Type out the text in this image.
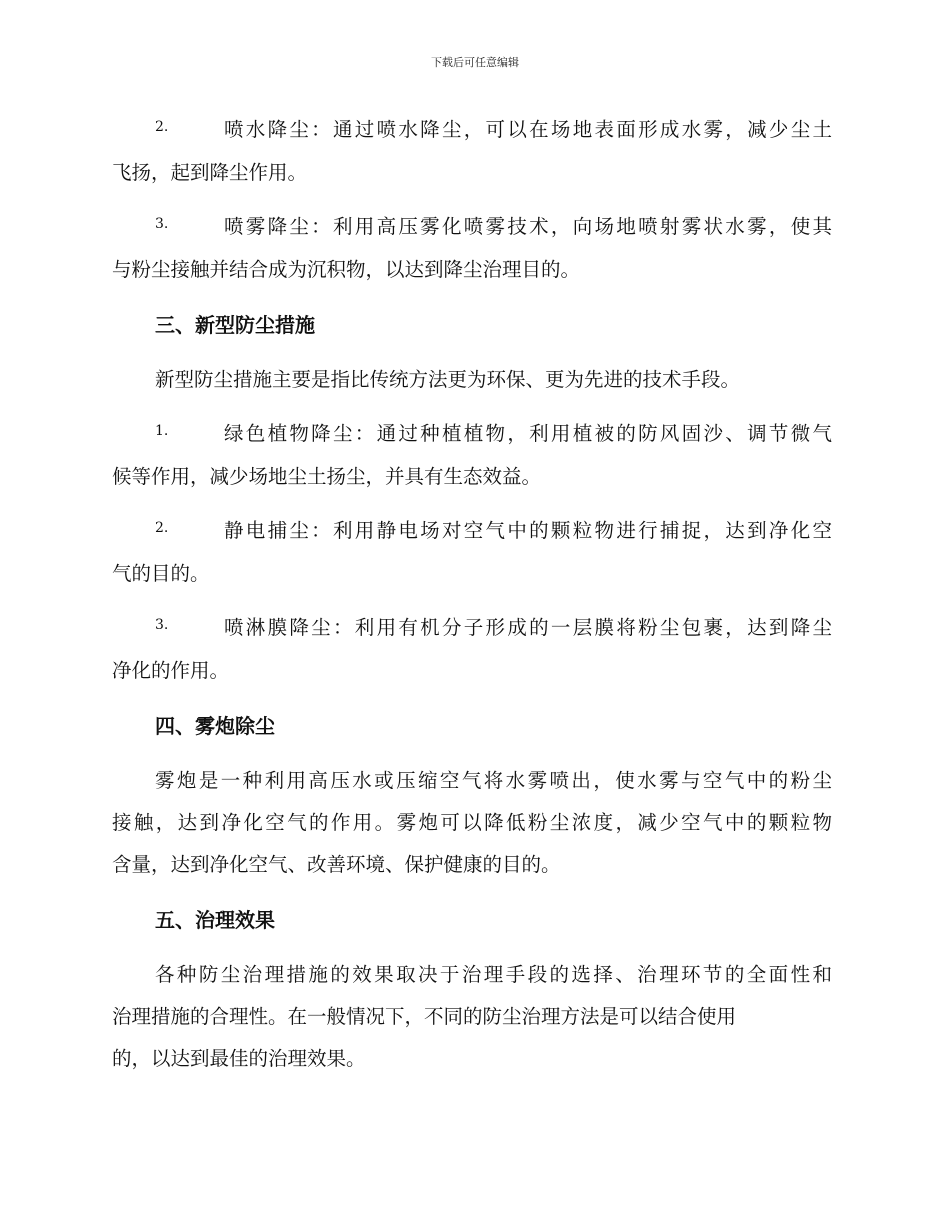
下载后可任意编辑
2.	喷水降尘：通过喷水降尘，可以在场地表面形成水雾，减少尘土
飞扬，起到降尘作用。
3.	喷雾降尘：利用高压雾化喷雾技术，向场地喷射雾状水雾，使其
与粉尘接触并结合成为沉积物，以达到降尘治理目的。
三、新型防尘措施
新型防尘措施主要是指比传统方法更为环保、更为先进的技术手段。
1.	绿色植物降尘：通过种植植物，利用植被的防风固沙、调节微气
候等作用，减少场地尘土扬尘，并具有生态效益。
2.	静电捕尘：利用静电场对空气中的颗粒物进行捕捉，达到净化空
气的目的。
3.	喷淋膜降尘：利用有机分子形成的一层膜将粉尘包裹，达到降尘
净化的作用。
四、雾炮除尘
雾炮是一种利用高压水或压缩空气将水雾喷出，使水雾与空气中的粉尘
接触，达到净化空气的作用。雾炮可以降低粉尘浓度，减少空气中的颗粒物
含量，达到净化空气、改善环境、保护健康的目的。
五、治理效果
各种防尘治理措施的效果取决于治理手段的选择、治理环节的全面性和
治理措施的合理性。在一般情况下，不同的防尘治理方法是可以结合使用
的，以达到最佳的治理效果。
